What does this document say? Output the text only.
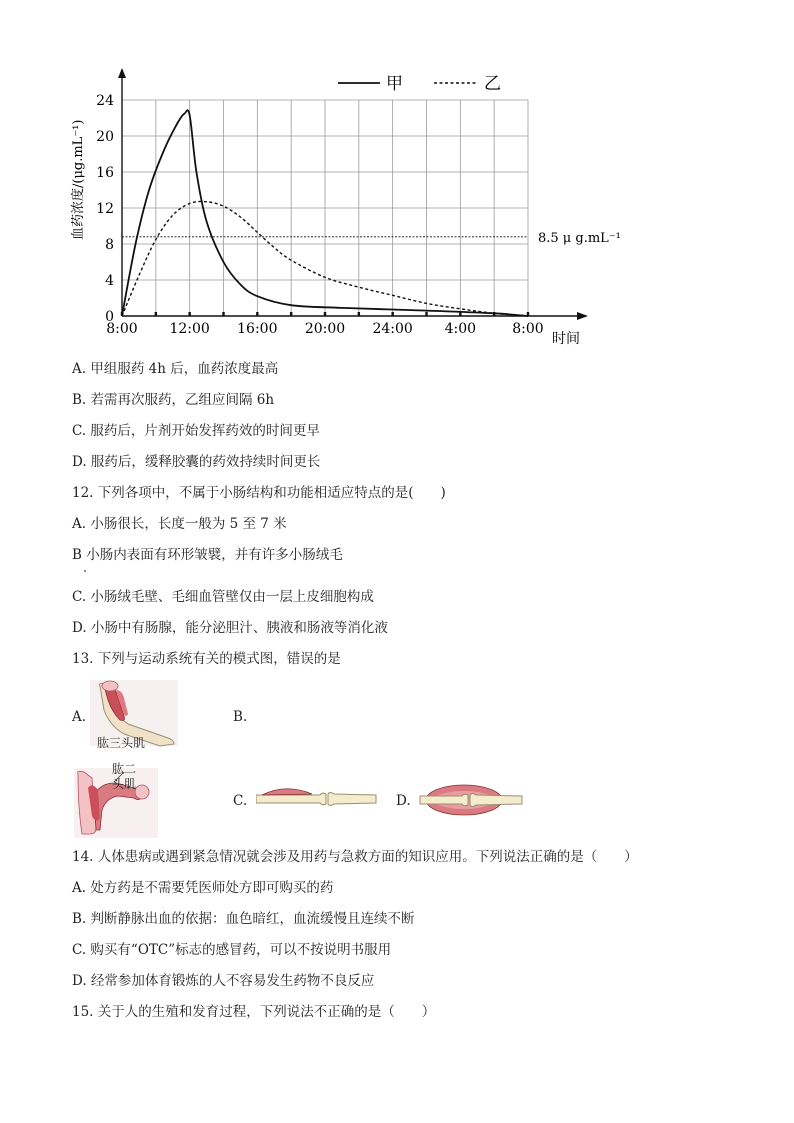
0
4
8
12
16
20
24
8:00 12:00 16:00 20:00 24:00 4:00	8:00
甲	乙
8.5 μ g.mL⁻¹
血药浓度/(μg.mL⁻¹)
时间
A. 甲组服药 4h 后，血药浓度最高
B. 若需再次服药，乙组应间隔 6h
C. 服药后，片剂开始发挥药效的时间更早
D. 服药后，缓释胶囊的药效持续时间更长
12. 下列各项中，不属于小肠结构和功能相适应特点的是(　　)
A. 小肠很长，长度一般为 5 至 7 米
B 小肠内表面有环形皱襞，并有许多小肠绒毛
C. 小肠绒毛壁、毛细血管壁仅由一层上皮细胞构成
D. 小肠中有肠腺，能分泌胆汁、胰液和肠液等消化液
13. 下列与运动系统有关的模式图，错误的是
A.
肱三头肌
B.
肱二
头肌
C.	D.
14. 人体患病或遇到紧急情况就会涉及用药与急救方面的知识应用。下列说法正确的是（　　）
A. 处方药是不需要凭医师处方即可购买的药
B. 判断静脉出血的依据：血色暗红，血流缓慢且连续不断
C. 购买有“OTC”标志的感冒药，可以不按说明书服用
D. 经常参加体育锻炼的人不容易发生药物不良反应
15. 关于人的生殖和发育过程，下列说法不正确的是（　　）
